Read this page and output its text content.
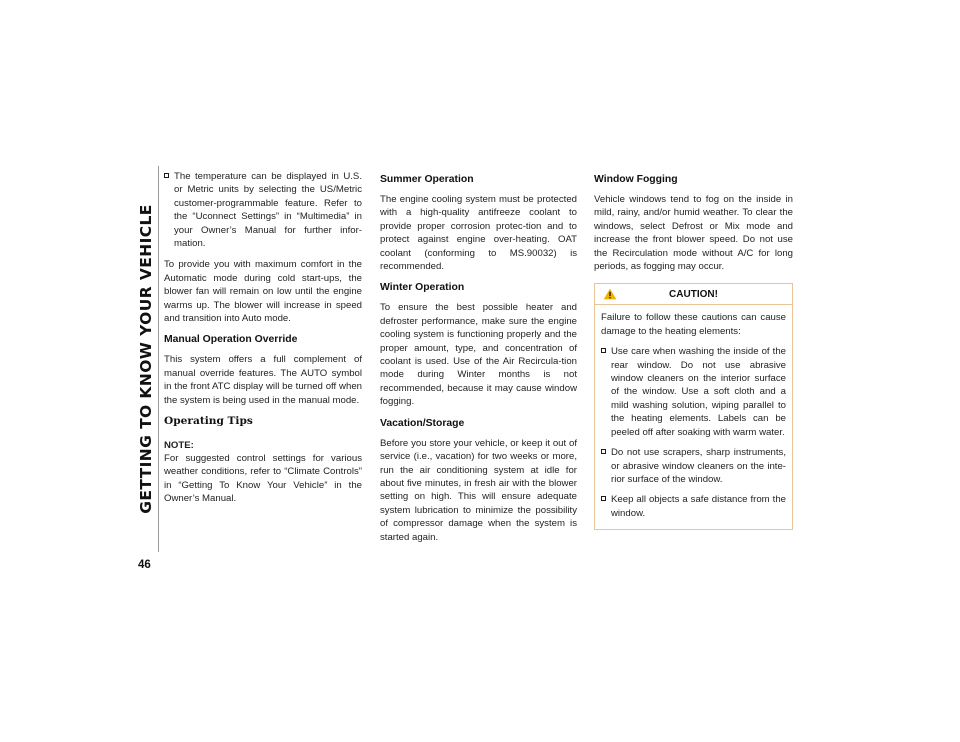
GETTING TO KNOW YOUR VEHICLE
46
The temperature can be displayed in U.S. or Metric units by selecting the US/Metric customer-programmable feature. Refer to the “Uconnect Settings” in “Multimedia” in your Owner’s Manual for further infor-mation.

To provide you with maximum comfort in the Automatic mode during cold start-ups, the blower fan will remain on low until the engine warms up. The blower will increase in speed and transition into Auto mode.

Manual Operation Override

This system offers a full complement of manual override features. The AUTO symbol in the front ATC display will be turned off when the system is being used in the manual mode.

Operating Tips

NOTE:

For suggested control settings for various weather conditions, refer to “Climate Controls” in “Getting To Know Your Vehicle” in the Owner’s Manual.

Summer Operation

The engine cooling system must be protected with a high-quality antifreeze coolant to provide proper corrosion protec-tion and to protect against engine over-heating. OAT coolant (conforming to MS.90032) is recommended.

Winter Operation

To ensure the best possible heater and defroster performance, make sure the engine cooling system is functioning properly and the proper amount, type, and concentration of coolant is used. Use of the Air Recircula-tion mode during Winter months is not recommended, because it may cause window fogging.

Vacation/Storage

Before you store your vehicle, or keep it out of service (i.e., vacation) for two weeks or more, run the air conditioning system at idle for about five minutes, in fresh air with the blower setting on high. This will ensure adequate system lubrication to minimize the possibility of compressor damage when the system is started again.

Window Fogging

Vehicle windows tend to fog on the inside in mild, rainy, and/or humid weather. To clear the windows, select Defrost or Mix mode and increase the front blower speed. Do not use the Recirculation mode without A/C for long periods, as fogging may occur.

CAUTION!

Failure to follow these cautions can cause damage to the heating elements:

Use care when washing the inside of the rear window. Do not use abrasive window cleaners on the interior surface of the window. Use a soft cloth and a mild washing solution, wiping parallel to the heating elements. Labels can be peeled off after soaking with warm water.
Do not use scrapers, sharp instruments, or abrasive window cleaners on the inte-rior surface of the window.
Keep all objects a safe distance from the window.
